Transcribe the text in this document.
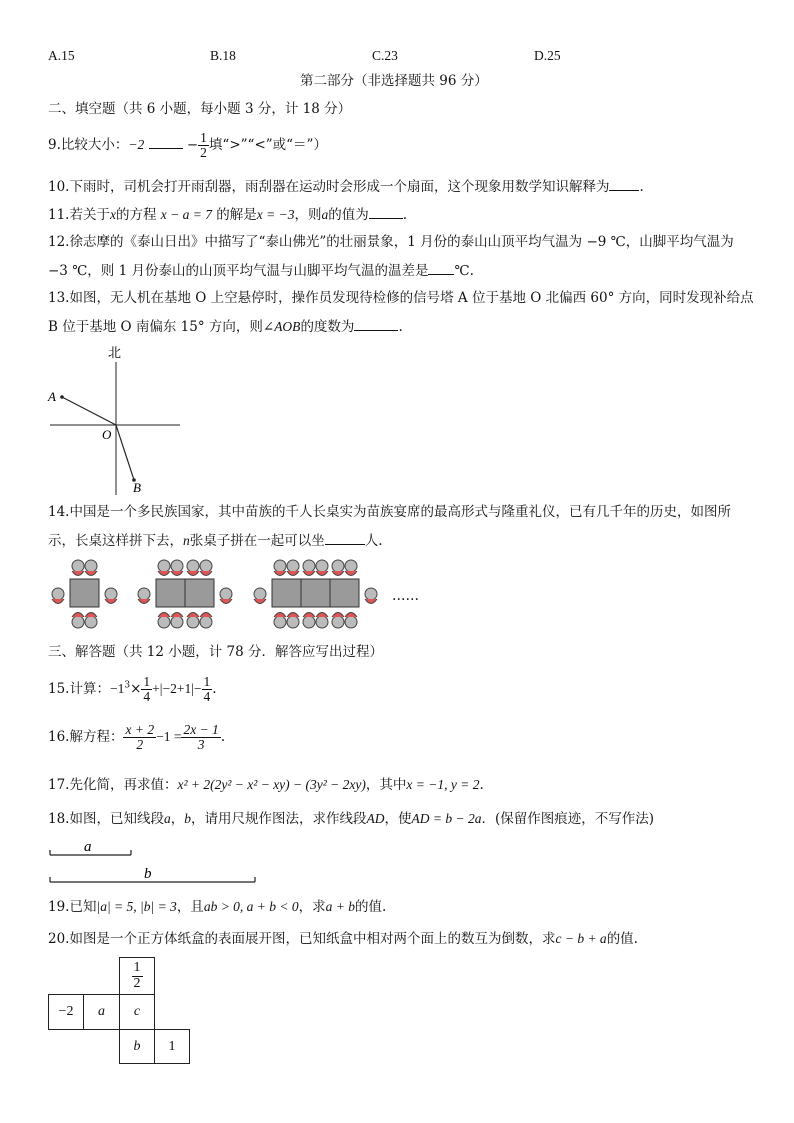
A.15	B.18	C.23	D.25
第二部分（非选择题共 96 分）
二、填空题（共 6 小题，每小题 3 分，计 18 分）
9.比较大小：−2	− $\frac{1}{2}$ 填“>”“<”或“＝”）
10.下雨时，司机会打开雨刮器，雨刮器在运动时会形成一个扇面，这个现象用数学知识解释为 .
11.若关于x的方程 x − a = 7 的解是x = −3，则a的值为	.
12.徐志摩的《泰山日出》中描写了“泰山佛光”的壮丽景象，1 月份的泰山山顶平均气温为 −9 ℃，山脚平均气温为
−3 ℃，则 1 月份泰山的山顶平均气温与山脚平均气温的温差是 ℃.
13.如图，无人机在基地 O 上空悬停时，操作员发现待检修的信号塔 A 位于基地 O 北偏西 60° 方向，同时发现补给点
B 位于基地 O 南偏东 15° 方向，则∠AOB的度数为	.
北
A
O
B
14.中国是一个多民族国家，其中苗族的千人长桌实为苗族宴席的最高形式与隆重礼仪，已有几千年的历史，如图所
示，长桌这样拼下去，n张桌子拼在一起可以坐	人.
……
三、解答题（共 12 小题，计 78 分．解答应写出过程）
15.计算：$-1^3\times \frac{1}{4} +|-2+1|- \frac{1}{4}$ .
16.解方程： $\frac{x + 2}{2} -1 = \frac{2x - 1}{3}$ .
17.先化简，再求值：x² + 2(2y² − x² − xy) − (3y² − 2xy)，其中x = −1, y = 2.
18.如图，已知线段a，b，请用尺规作图法，求作线段AD，使AD = b − 2a．(保留作图痕迹，不写作法)
a
b
19.已知|a| = 5, |b| = 3，且ab > 0, a + b < 0，求a + b的值.
20.如图是一个正方体纸盒的表面展开图，已知纸盒中相对两个面上的数互为倒数，求c − b + a的值.
$\frac{1}{2}$
−2	a	c
b	1
